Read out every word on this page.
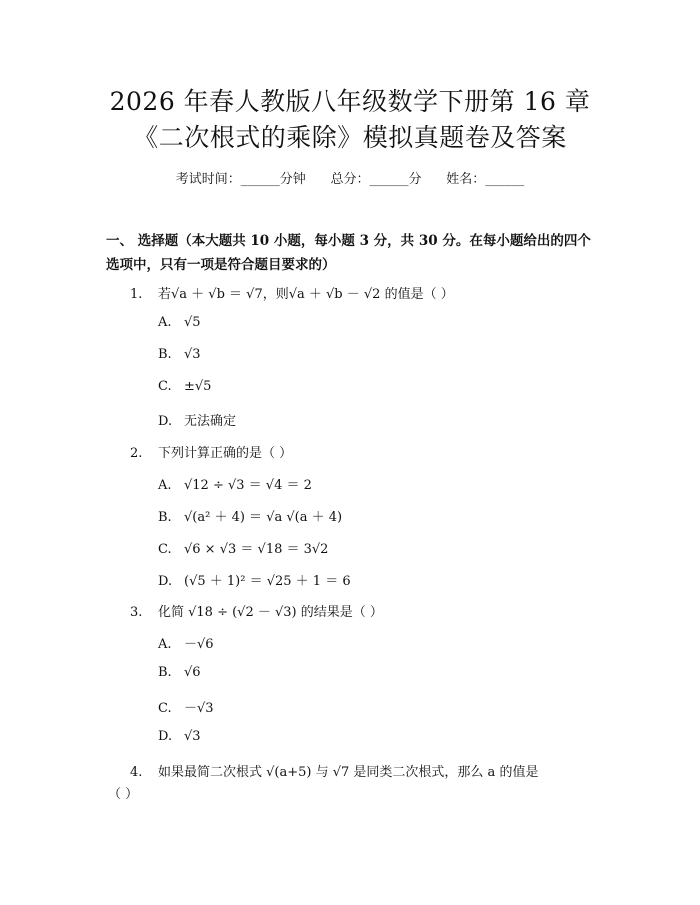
2026 年春人教版八年级数学下册第 16 章
《二次根式的乘除》模拟真题卷及答案
考试时间：______分钟      总分：______分      姓名：______
一、 选择题（本大题共 10 小题，每小题 3 分，共 30 分。在每小题给出的四个选项中，只有一项是符合题目要求的）
1. 若√a ＋ √b ＝ √7，则√a ＋ √b － √2 的值是（ ）
A. √5
B. √3
C. ±√5
D. 无法确定
2. 下列计算正确的是（ ）
A. √12 ÷ √3 ＝ √4 ＝ 2
B. √(a² ＋ 4) ＝ √a √(a ＋ 4)
C. √6 × √3 ＝ √18 ＝ 3√2
D. (√5 ＋ 1)² ＝ √25 ＋ 1 ＝ 6
3. 化简 √18 ÷ (√2 － √3) 的结果是（ ）
A. －√6
B. √6
C. －√3
D. √3
4. 如果最简二次根式 √(a+5) 与 √7 是同类二次根式，那么 a 的值是
（ ）
